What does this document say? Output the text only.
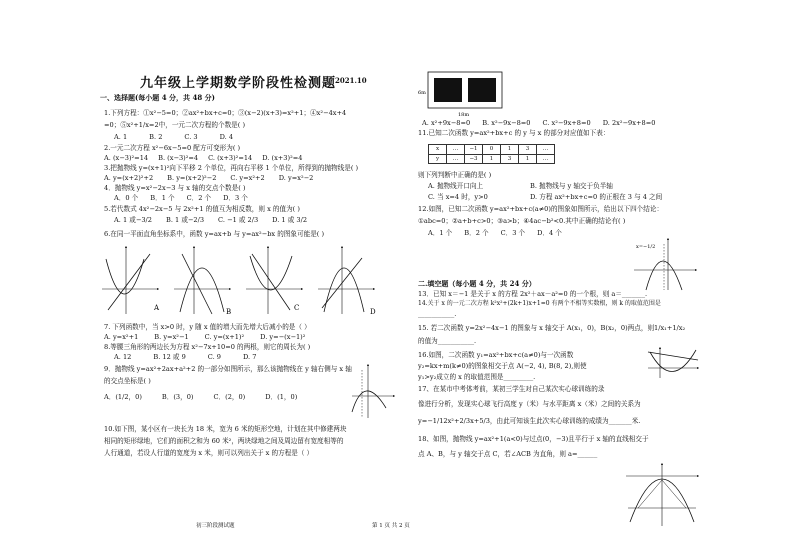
九年级上学期数学阶段性检测题
2021.10
一、选择题(每小题 4 分，共 48 分)
1.下列方程：①x²−5=0；②ax²+bx+c=0；③(x−2)(x+3)=x²+1；④x²−4x+4
=0；⑤x²+1/x=2中，一元二次方程的个数是( )
A. 1	B. 2	C. 3	D. 4
2.一元二次方程 x²−6x−5=0 配方可变形为( )
A. (x−3)²=14 B. (x−3)²=4 C. (x+3)²=14 D. (x+3)²=4
3.把抛物线 y=(x+1)²向下平移 2 个单位，再向右平移 1 个单位，所得到的抛物线是( )
A. y=(x+2)²+2 B. y=(x+2)²−2 C. y=x²+2 D. y=x²−2
4．抛物线 y=x²−2x−3 与 x 轴的交点个数是( )
A．0 个 B．1 个 C．2 个 D．3 个
5.若代数式 4x²−2x−5 与 2x²+1 的值互为相反数，则 x 的值为( )
A. 1 或−3/2 B. 1 或−2/3 C. −1 或 2/3 D. 1 或 3/2
6.在同一平面直角坐标系中，函数 y=ax+b 与 y=ax²−bx 的图象可能是( )
A	B	C	D
7. 下列函数中，当 x>0 时，y 随 x 值的增大而先增大后减小的是（ ）
A. y=x²+1 B. y=x²−1 C. y=(x+1)² D. y=−(x−1)²
8.等腰三角形的两边长为方程 x²−7x+10=0 的两根，则它的周长为( )
A. 12	B. 12 或 9	C. 9	D. 7
9．抛物线 y=ax²+2ax+a²+2 的一部分如图所示，那么该抛物线在 y 轴右侧与 x 轴
的交点坐标是( )
A．(1/2，0)	B．(3，0)	C．(2，0)	D．(1，0)
10.如下图，某小区有一块长为 18 米，宽为 6 米的矩形空地，计划在其中修建两块
相同的矩形绿地，它们的面积之和为 60 米²，两块绿地之间及周边留有宽度相等的
人行通道，若设人行道的宽度为 x 米，则可以列出关于 x 的方程是（ ）
初三阶段测试题
6m
18m
A. x²+9x−8=0 B. x²−9x−8=0 C. x²−9x+8=0 D. 2x²−9x+8=0
11.已知二次函数 y=ax²+bx+c 的 y 与 x 的部分对应值如下表：
x	…	−1	0	1	3	…
y	…	−3	1	3	1	…
则下列判断中正确的是( )
A. 抛物线开口向上	B. 抛物线与 y 轴交于负半轴
C. 当 x=4 时，y>0	D. 方程 ax²+bx+c=0 的正根在 3 与 4 之间
12.如图，已知二次函数 y=ax²+bx+c(a≠0)的图象如图所示，给出以下四个结论：
①abc=0；②a+b+c>0；③a>b；④4ac−b²<0.其中正确的结论有( )
A．1 个 B．2 个 C．3 个 D．4 个
x=−1/2
二.填空题（每小题 4 分，共 24 分）
13．已知 x＝−1 是关于 x 的方程 2x²＋ax－a²=0 的一个根，则 a＝_______.
14.关于 x 的一元二次方程 k²x²+(2k+1)x+1=0 有两个不相等实数根，则 k 的取值范围是
___________.
15. 若二次函数 y=2x²−4x−1 的图象与 x 轴交于 A(x₁，0)，B(x₂，0)两点，则1/x₁+1/x₂
的值为___________.
16.如图，二次函数 y₁=ax²+bx+c(a≠0)与一次函数
y₂=kx+m(k≠0)的图象相交于点 A(−2, 4), B(8, 2),则使
y₁>y₂成立的 x 的取值范围是_________.
17、在某市中考体考前，某初三学生对自己某次实心球训练的录
像进行分析，发现实心球飞行高度 y（米）与水平距离 x（米）之间的关系为
y=−1/12x²+2/3x+5/3，由此可知该生此次实心球训练的成绩为_______米.
18、如图，抛物线 y=ax²+1(a<0)与过点(0，−3)且平行于 x 轴的直线相交于
点 A、B，与 y 轴交于点 C，若∠ACB 为直角，则 a=______
第 1 页 共 2 页
